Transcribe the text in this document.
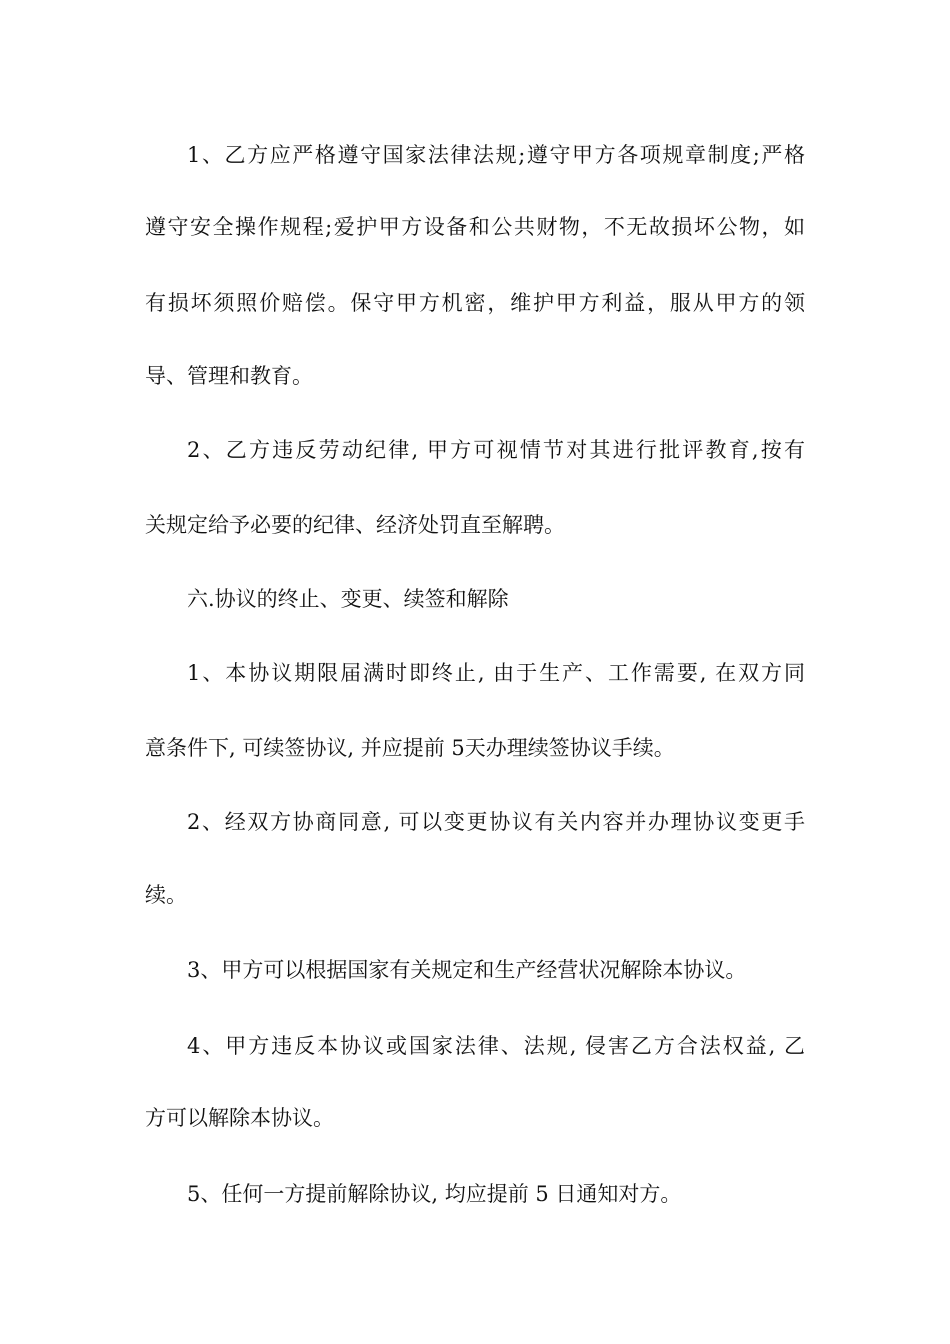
1、乙方应严格遵守国家法律法规;遵守甲方各项规章制度;严格
遵守安全操作规程;爱护甲方设备和公共财物，不无故损坏公物，如
有损坏须照价赔偿。保守甲方机密，维护甲方利益，服从甲方的领
导、管理和教育。
2、乙方违反劳动纪律, 甲方可视情节对其进行批评教育,按有
关规定给予必要的纪律、经济处罚直至解聘。
六.协议的终止、变更、续签和解除
1、本协议期限届满时即终止, 由于生产、工作需要, 在双方同
意条件下, 可续签协议, 并应提前 5天办理续签协议手续。
2、经双方协商同意, 可以变更协议有关内容并办理协议变更手
续。
3、甲方可以根据国家有关规定和生产经营状况解除本协议。
4、甲方违反本协议或国家法律、法规, 侵害乙方合法权益, 乙
方可以解除本协议。
5、任何一方提前解除协议, 均应提前 5 日通知对方。
